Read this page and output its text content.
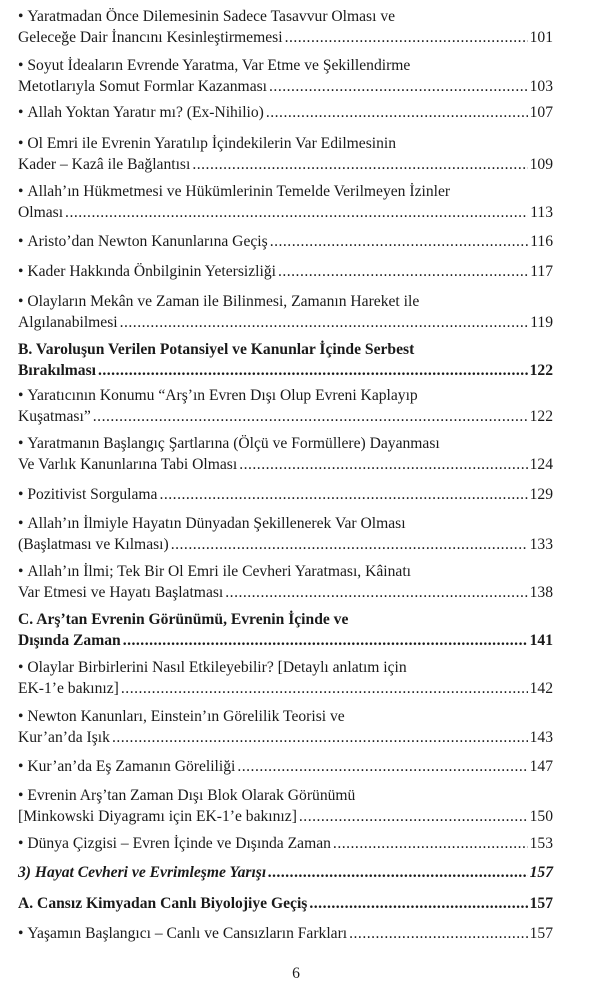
• Yaratmadan Önce Dilemesinin Sadece Tasavvur Olması ve
Geleceğe Dair İnancını Kesinleştirmemesi .....	101
• Soyut İdeaların Evrende Yaratma, Var Etme ve Şekillendirme
Metotlarıyla Somut Formlar Kazanması .....	103
• Allah Yoktan Yaratır mı? (Ex-Nihilio) .....	107
• Ol Emri ile Evrenin Yaratılıp İçindekilerin Var Edilmesinin
Kader – Kazâ ile Bağlantısı .....	109
• Allah’ın Hükmetmesi ve Hükümlerinin Temelde Verilmeyen İzinler
Olması .....	113
• Aristo’dan Newton Kanunlarına Geçiş .....	116
• Kader Hakkında Önbilginin Yetersizliği .....	117
• Olayların Mekân ve Zaman ile Bilinmesi, Zamanın Hareket ile
Algılanabilmesi .....	119
B. Varoluşun Verilen Potansiyel ve Kanunlar İçinde Serbest
Bırakılması .....	122
• Yaratıcının Konumu “Arş’ın Evren Dışı Olup Evreni Kaplayıp
Kuşatması” .....	122
• Yaratmanın Başlangıç Şartlarına (Ölçü ve Formüllere) Dayanması
Ve Varlık Kanunlarına Tabi Olması .....	124
• Pozitivist Sorgulama .....	129
• Allah’ın İlmiyle Hayatın Dünyadan Şekillenerek Var Olması
(Başlatması ve Kılması) .....	133
• Allah’ın İlmi; Tek Bir Ol Emri ile Cevheri Yaratması, Kâinatı
Var Etmesi ve Hayatı Başlatması .....	138
C. Arş’tan Evrenin Görünümü, Evrenin İçinde ve
Dışında Zaman .....	141
• Olaylar Birbirlerini Nasıl Etkileyebilir? [Detaylı anlatım için
EK-1’e bakınız] .....	142
• Newton Kanunları, Einstein’ın Görelilik Teorisi ve
Kur’an’da Işık .....	143
• Kur’an’da Eş Zamanın Göreliliği .....	147
• Evrenin Arş’tan Zaman Dışı Blok Olarak Görünümü
[Minkowski Diyagramı için EK-1’e bakınız] .....	150
• Dünya Çizgisi – Evren İçinde ve Dışında Zaman .....	153
3) Hayat Cevheri ve Evrimleşme Yarışı .....	157
A. Cansız Kimyadan Canlı Biyolojiye Geçiş .....	157
• Yaşamın Başlangıcı – Canlı ve Cansızların Farkları .....	157
6
